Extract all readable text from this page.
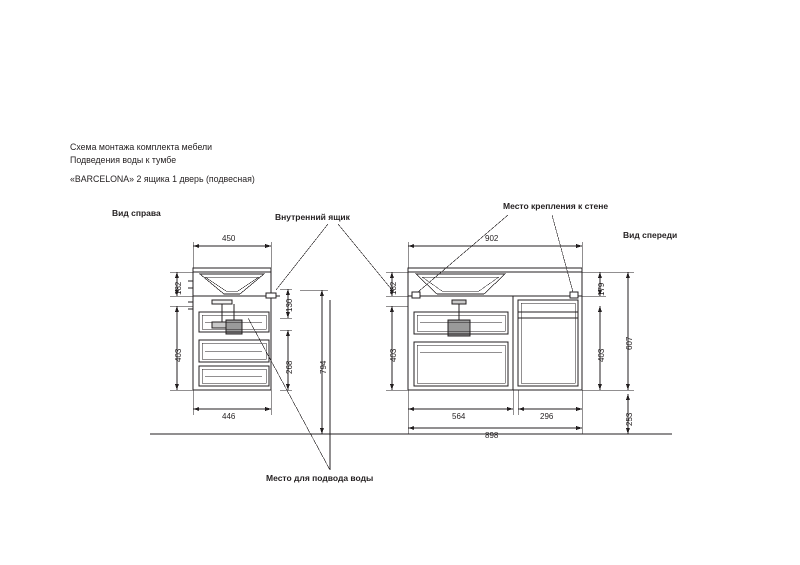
Схема монтажа комплекта мебели
Подведения воды к тумбе
«BARCELONA» 2 ящика 1 дверь (подвесная)
Вид справа
Вид спереди
Внутренний ящик
Место крепления к стене
Место для подвода воды
450
446
182
403
130
268	794
902
564	296
898
182
403
179
403
607
253
